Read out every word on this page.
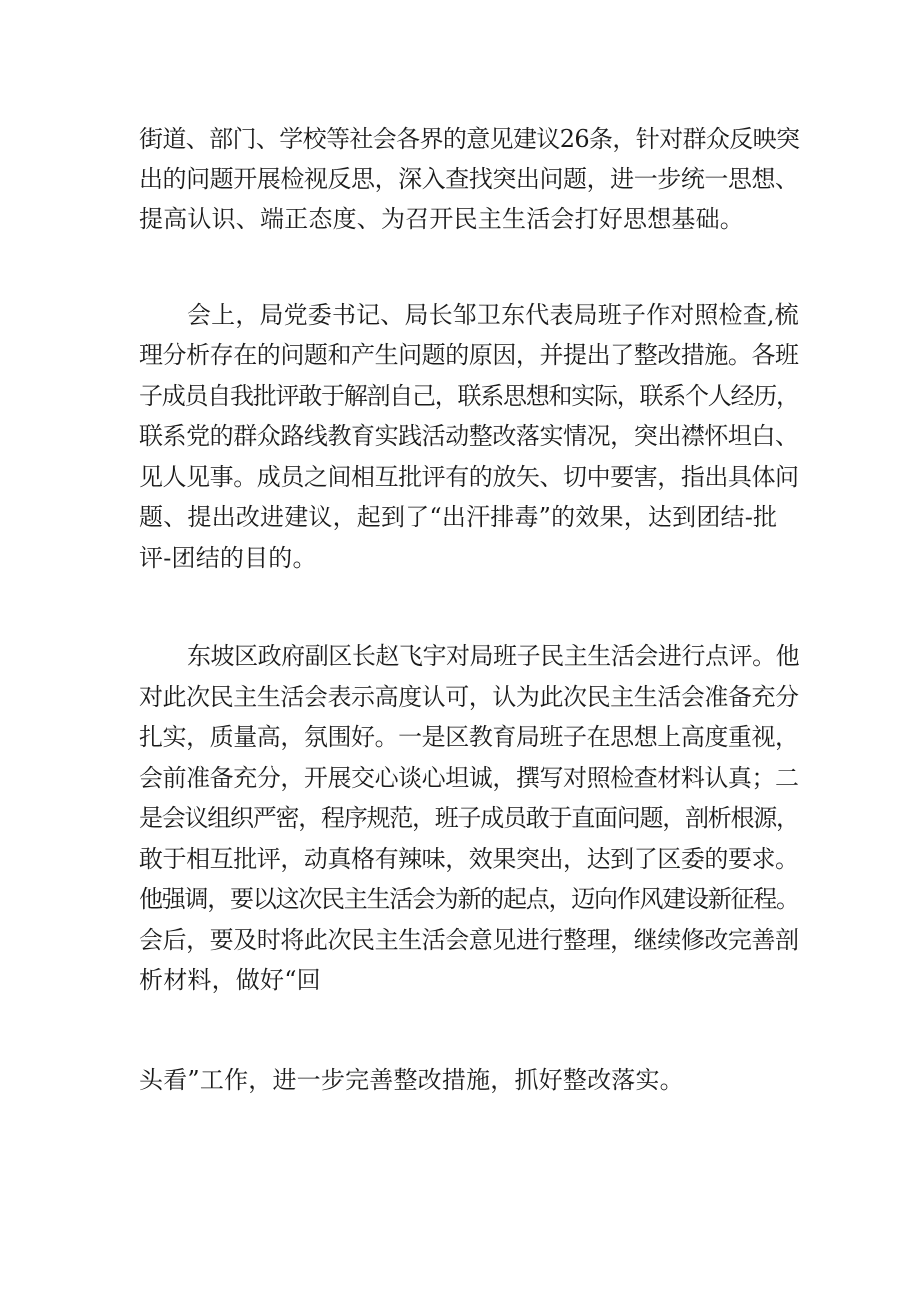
街道、部门、学校等社会各界的意见建议26条，针对群众反映突
出的问题开展检视反思，深入查找突出问题，进一步统一思想、
提高认识、端正态度、为召开民主生活会打好思想基础。
会上，局党委书记、局长邹卫东代表局班子作对照检查,梳
理分析存在的问题和产生问题的原因，并提出了整改措施。各班
子成员自我批评敢于解剖自己，联系思想和实际，联系个人经历，
联系党的群众路线教育实践活动整改落实情况，突出襟怀坦白、
见人见事。成员之间相互批评有的放矢、切中要害，指出具体问
题、提出改进建议，起到了“出汗排毒”的效果，达到团结-批
评-团结的目的。
东坡区政府副区长赵飞宇对局班子民主生活会进行点评。他
对此次民主生活会表示高度认可，认为此次民主生活会准备充分
扎实，质量高，氛围好。一是区教育局班子在思想上高度重视，
会前准备充分，开展交心谈心坦诚，撰写对照检查材料认真；二
是会议组织严密，程序规范，班子成员敢于直面问题，剖析根源，
敢于相互批评，动真格有辣味，效果突出，达到了区委的要求。
他强调，要以这次民主生活会为新的起点，迈向作风建设新征程。
会后，要及时将此次民主生活会意见进行整理，继续修改完善剖
析材料，做好“回
头看”工作，进一步完善整改措施，抓好整改落实。
